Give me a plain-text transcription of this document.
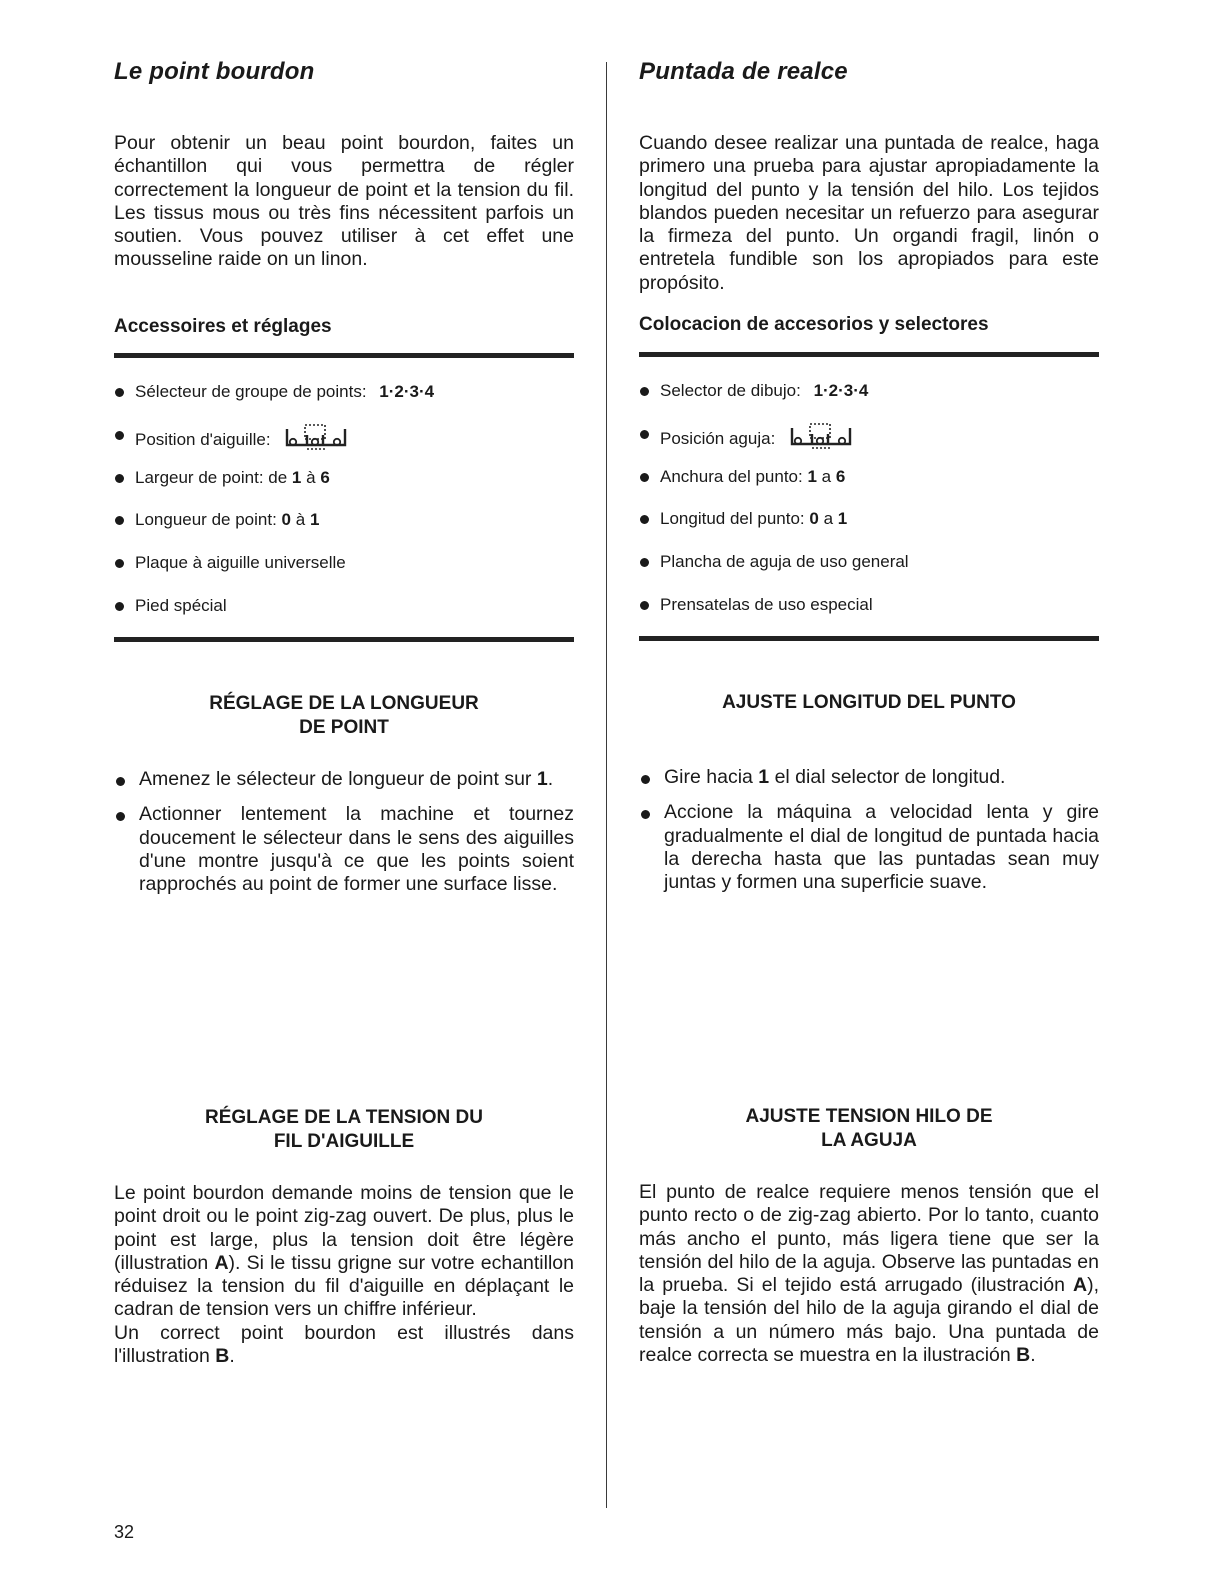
Le point bourdon

Pour obtenir un beau point bourdon, faites un échantillon qui vous permettra de régler correctement la longueur de point et la tension du fil. Les tissus mous ou très fins nécessitent parfois un soutien. Vous pouvez utiliser à cet effet une mousseline raide on un linon.

Accessoires et réglages
Sélecteur de groupe de points: 1·2·3·4
Position d'aiguille:
Largeur de point: de 1 à 6
Longueur de point: 0 à 1
Plaque à aiguille universelle
Pied spécial
RÉGLAGE DE LA LONGUEUR
DE POINT
Amenez le sélecteur de longueur de point sur 1.
Actionner lentement la machine et tournez doucement le sélecteur dans le sens des aiguilles d'une montre jusqu'à ce que les points soient rapprochés au point de former une surface lisse.
RÉGLAGE DE LA TENSION DU
FIL D'AIGUILLE

Le point bourdon demande moins de tension que le point droit ou le point zig-zag ouvert. De plus, plus le point est large, plus la tension doit être légère (illustration A). Si le tissu grigne sur votre echantillon réduisez la tension du fil d'aiguille en déplaçant le cadran de tension vers un chiffre inférieur.
Un correct point bourdon est illustrés dans l'illustration B.

Puntada de realce

Cuando desee realizar una puntada de realce, haga primero una prueba para ajustar apropiadamente la longitud del punto y la tensión del hilo. Los tejidos blandos pueden necesitar un refuerzo para asegurar la firmeza del punto. Un organdi fragil, linón o entretela fundible son los apropiados para este propósito.

Colocacion de accesorios y selectores
Selector de dibujo: 1·2·3·4
Posición aguja:
Anchura del punto: 1 a 6
Longitud del punto: 0 a 1
Plancha de aguja de uso general
Prensatelas de uso especial
AJUSTE LONGITUD DEL PUNTO
Gire hacia 1 el dial selector de longitud.
Accione la máquina a velocidad lenta y gire gradualmente el dial de longitud de puntada hacia la derecha hasta que las puntadas sean muy juntas y formen una superficie suave.
AJUSTE TENSION HILO DE
LA AGUJA

El punto de realce requiere menos tensión que el punto recto o de zig-zag abierto. Por lo tanto, cuanto más ancho el punto, más ligera tiene que ser la tensión del hilo de la aguja. Observe las puntadas en la prueba. Si el tejido está arrugado (ilustración A), baje la tensión del hilo de la aguja girando el dial de tensión a un número más bajo. Una puntada de realce correcta se muestra en la ilustración B.

32
